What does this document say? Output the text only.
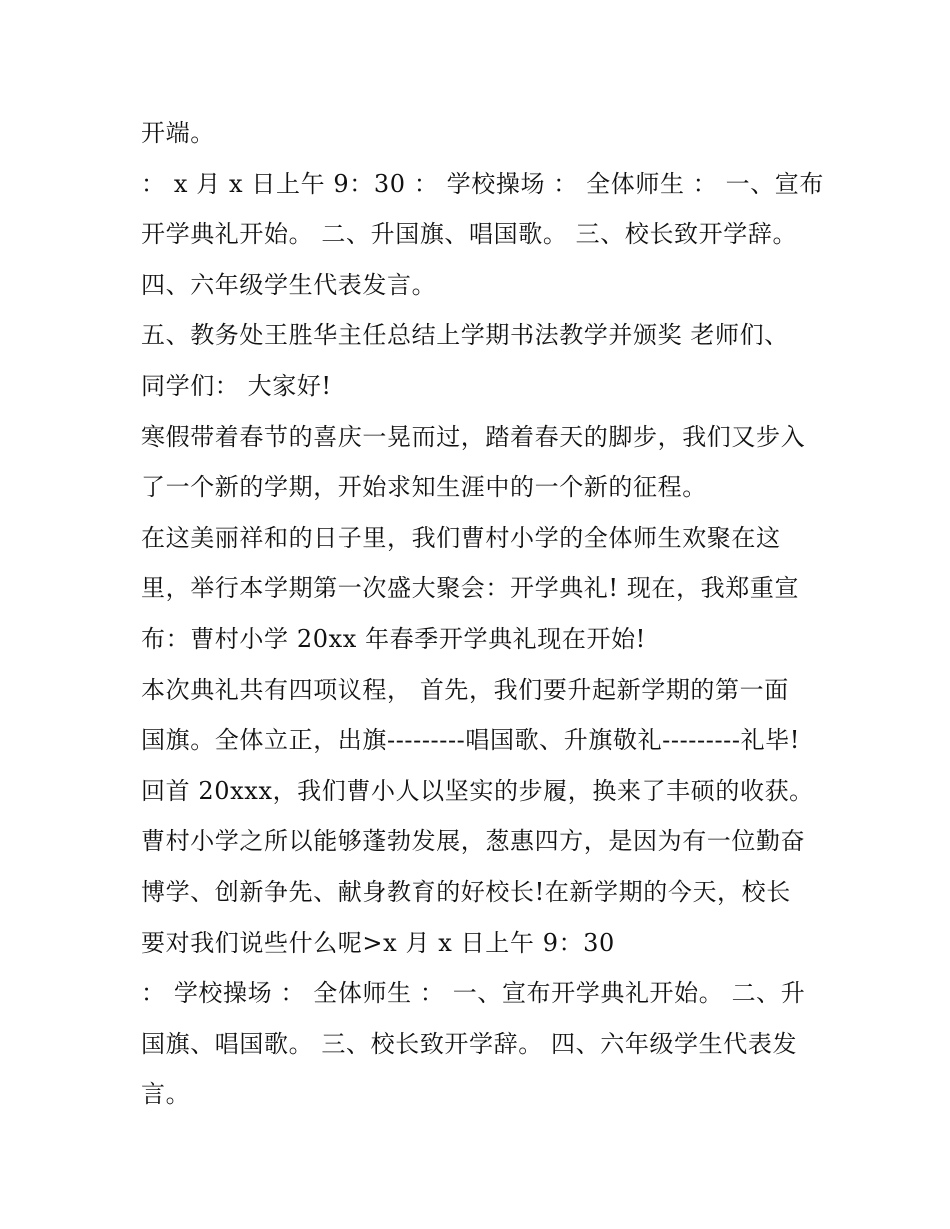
开端。
： x 月 x 日上午 9：30 ： 学校操场 ： 全体师生 ： 一、宣布
开学典礼开始。 二、升国旗、唱国歌。 三、校长致开学辞。
四、六年级学生代表发言。
五、教务处王胜华主任总结上学期书法教学并颁奖 老师们、
同学们： 大家好!
寒假带着春节的喜庆一晃而过，踏着春天的脚步，我们又步入
了一个新的学期，开始求知生涯中的一个新的征程。
在这美丽祥和的日子里，我们曹村小学的全体师生欢聚在这
里，举行本学期第一次盛大聚会：开学典礼! 现在，我郑重宣
布：曹村小学 20xx 年春季开学典礼现在开始!
本次典礼共有四项议程， 首先，我们要升起新学期的第一面
国旗。全体立正，出旗---------唱国歌、升旗敬礼---------礼毕!
回首 20xxx，我们曹小人以坚实的步履，换来了丰硕的收获。
曹村小学之所以能够蓬勃发展，葱惠四方，是因为有一位勤奋
博学、创新争先、献身教育的好校长!在新学期的今天，校长
要对我们说些什么呢>x 月 x 日上午 9：30
： 学校操场 ： 全体师生 ： 一、宣布开学典礼开始。 二、升
国旗、唱国歌。 三、校长致开学辞。 四、六年级学生代表发
言。
